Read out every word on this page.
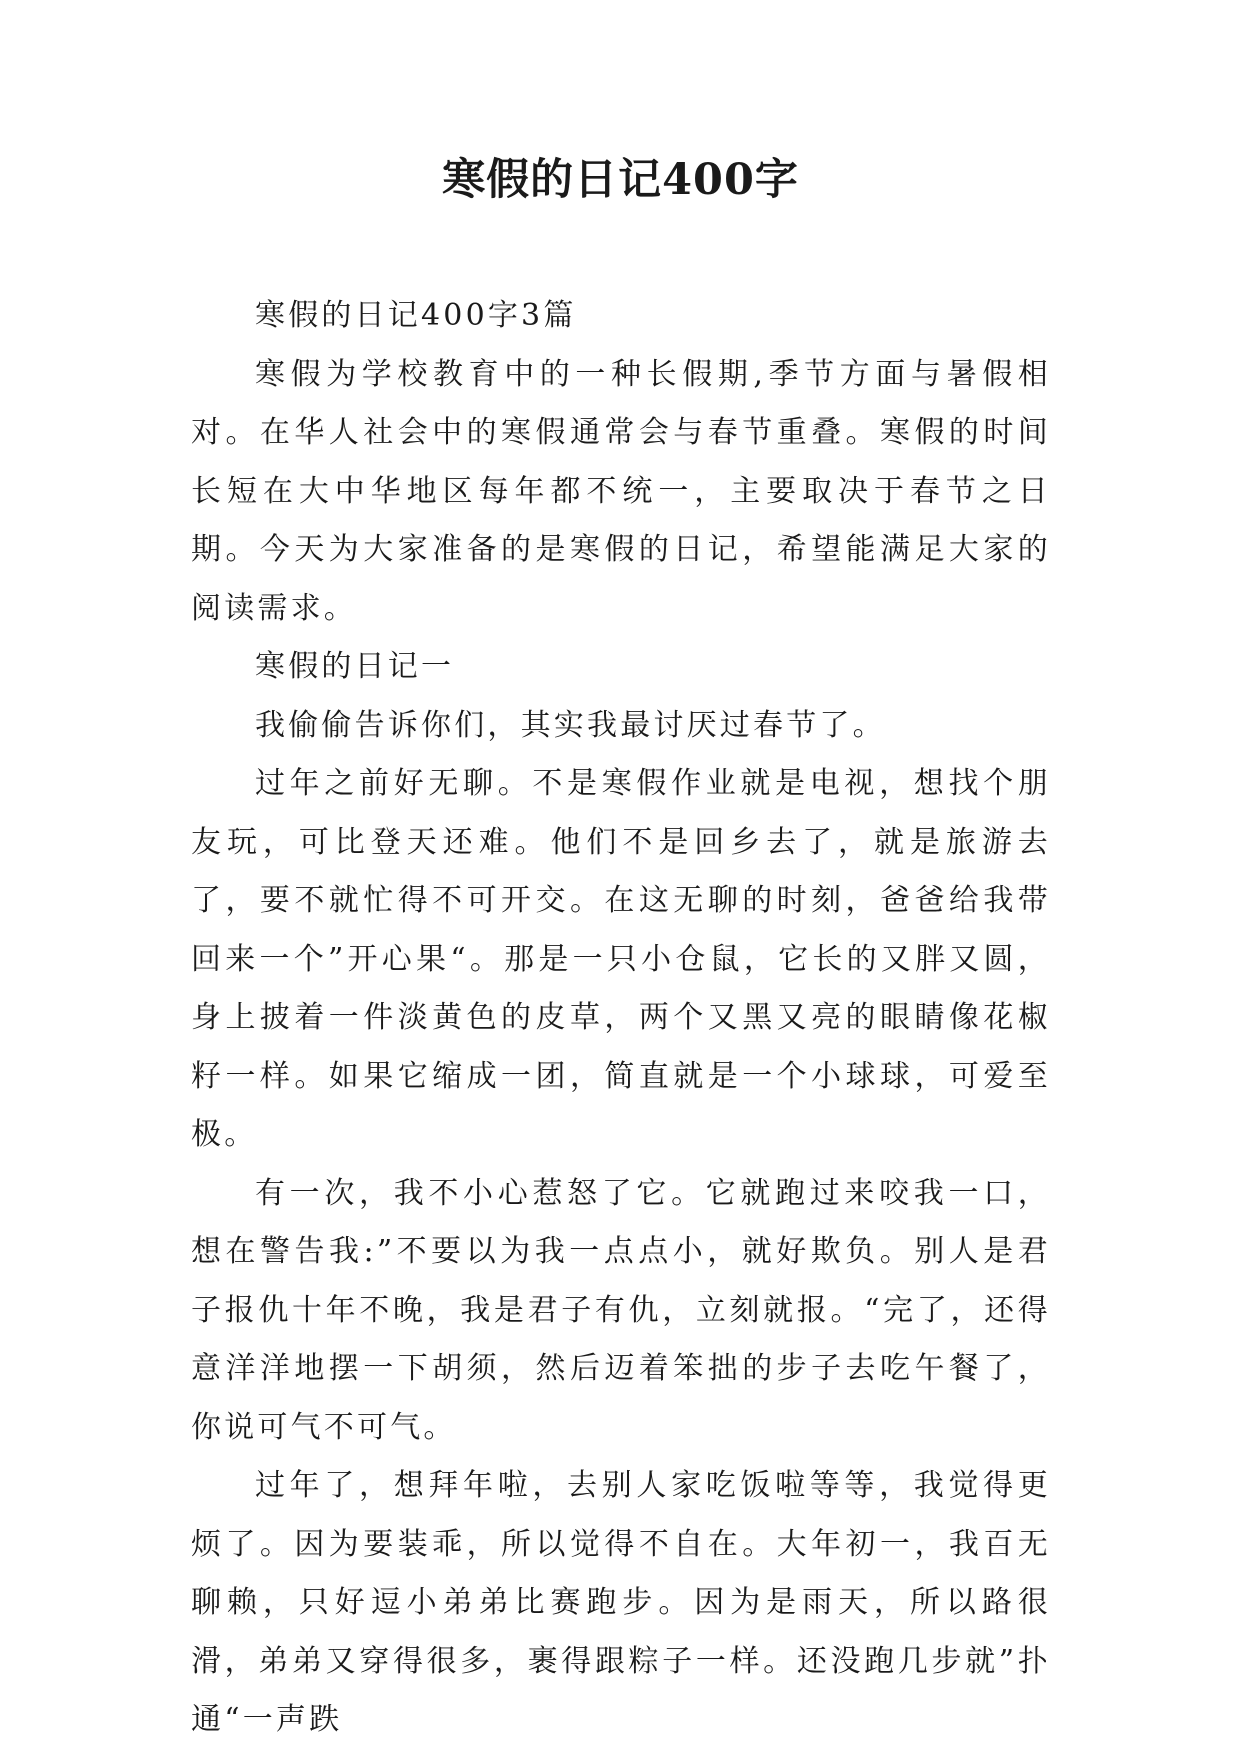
寒假的日记400字

寒假的日记400字3篇

寒假为学校教育中的一种长假期,季节方面与暑假相对。在华人社会中的寒假通常会与春节重叠。寒假的时间长短在大中华地区每年都不统一，主要取决于春节之日期。今天为大家准备的是寒假的日记，希望能满足大家的阅读需求。

寒假的日记一

我偷偷告诉你们，其实我最讨厌过春节了。

过年之前好无聊。不是寒假作业就是电视，想找个朋友玩，可比登天还难。他们不是回乡去了，就是旅游去了，要不就忙得不可开交。在这无聊的时刻，爸爸给我带回来一个”开心果“。那是一只小仓鼠，它长的又胖又圆，身上披着一件淡黄色的皮草，两个又黑又亮的眼睛像花椒籽一样。如果它缩成一团，简直就是一个小球球，可爱至极。

有一次，我不小心惹怒了它。它就跑过来咬我一口，想在警告我:”不要以为我一点点小，就好欺负。别人是君子报仇十年不晚，我是君子有仇，立刻就报。“完了，还得意洋洋地摆一下胡须，然后迈着笨拙的步子去吃午餐了，你说可气不可气。

过年了，想拜年啦，去别人家吃饭啦等等，我觉得更烦了。因为要装乖，所以觉得不自在。大年初一，我百无聊赖，只好逗小弟弟比赛跑步。因为是雨天，所以路很滑，弟弟又穿得很多，裹得跟粽子一样。还没跑几步就”扑通“一声跌
